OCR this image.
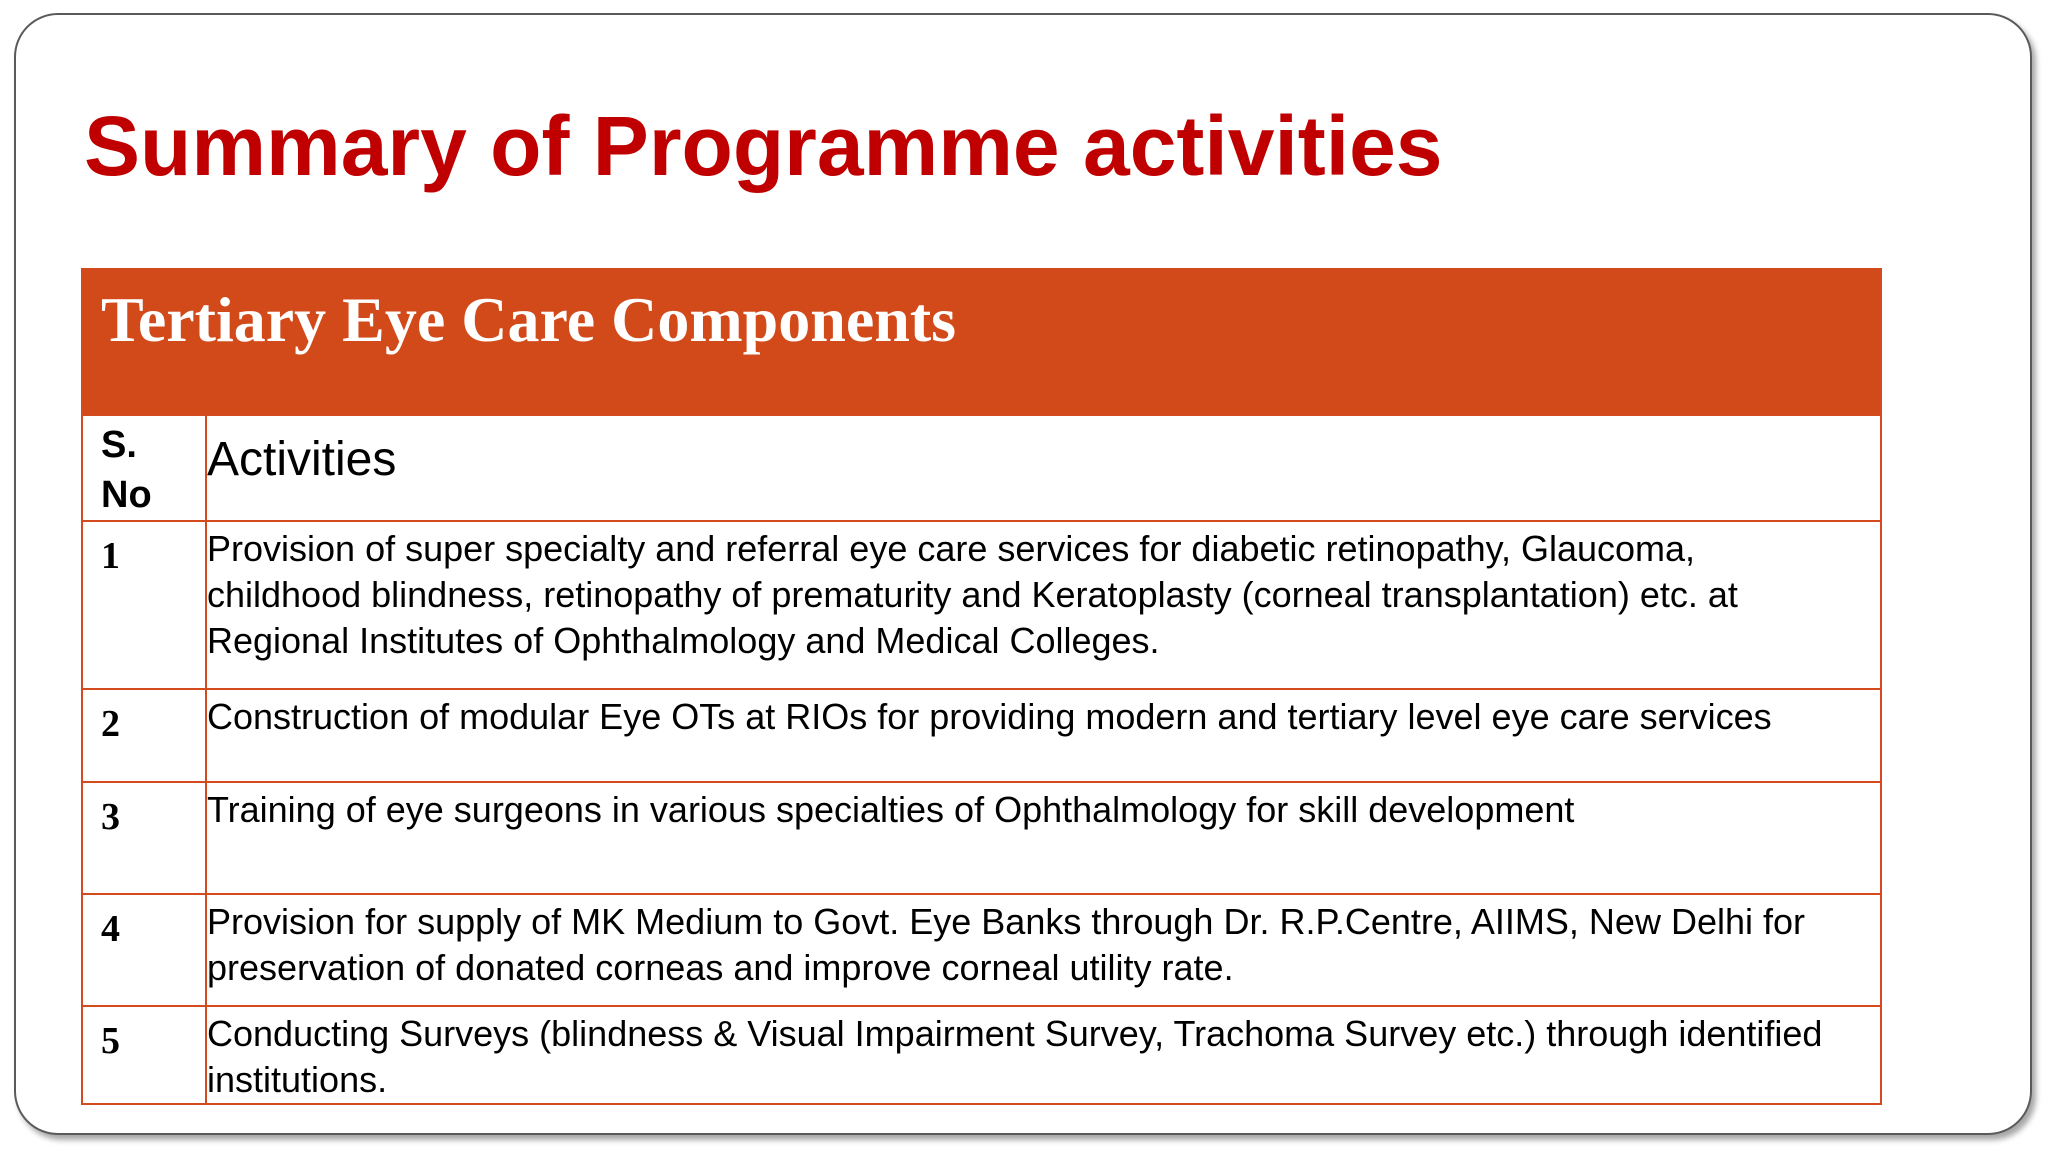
Summary of Programme activities
Tertiary Eye Care Components	

S.
No	Activities
1	Provision of super specialty and referral eye care services for diabetic retinopathy, Glaucoma, childhood blindness, retinopathy of prematurity and Keratoplasty (corneal transplantation) etc. at Regional Institutes of Ophthalmology and Medical Colleges.
2	Construction of modular Eye OTs at RIOs for providing modern and tertiary level eye care services
3	Training of eye surgeons in various specialties of Ophthalmology for skill development
4	Provision for supply of MK Medium to Govt. Eye Banks through Dr. R.P.Centre, AIIMS, New Delhi for preservation of donated corneas and improve corneal utility rate.
5	Conducting Surveys (blindness & Visual Impairment Survey, Trachoma Survey etc.) through identified institutions.
